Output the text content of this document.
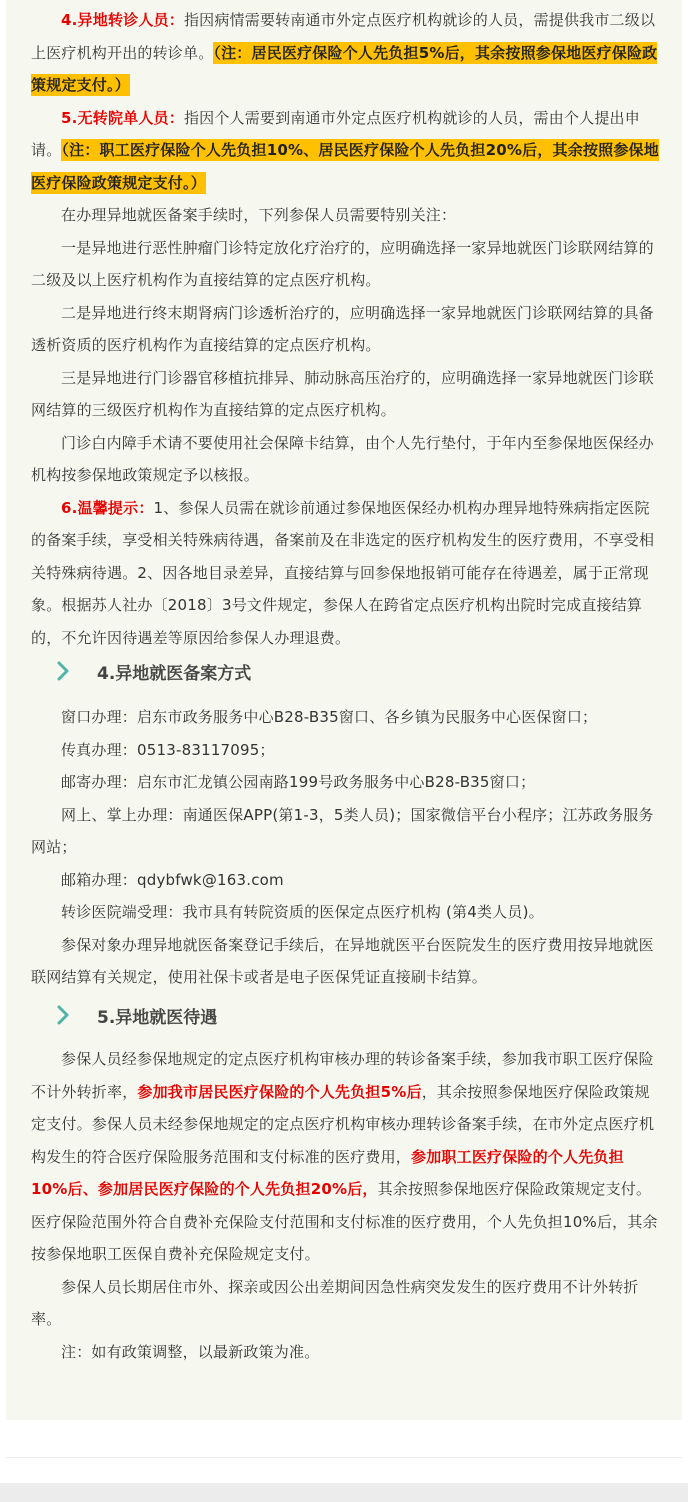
4.异地转诊人员：指因病情需要转南通市外定点医疗机构就诊的人员，需提供我市二级以上医疗机构开出的转诊单。（注：居民医疗保险个人先负担5%后，其余按照参保地医疗保险政策规定支付。）

5.无转院单人员：指因个人需要到南通市外定点医疗机构就诊的人员，需由个人提出申请。（注：职工医疗保险个人先负担10%、居民医疗保险个人先负担20%后，其余按照参保地医疗保险政策规定支付。）

在办理异地就医备案手续时，下列参保人员需要特别关注：

一是异地进行恶性肿瘤门诊特定放化疗治疗的，应明确选择一家异地就医门诊联网结算的二级及以上医疗机构作为直接结算的定点医疗机构。

二是异地进行终末期肾病门诊透析治疗的，应明确选择一家异地就医门诊联网结算的具备透析资质的医疗机构作为直接结算的定点医疗机构。

三是异地进行门诊器官移植抗排异、肺动脉高压治疗的，应明确选择一家异地就医门诊联网结算的三级医疗机构作为直接结算的定点医疗机构。

门诊白内障手术请不要使用社会保障卡结算，由个人先行垫付，于年内至参保地医保经办机构按参保地政策规定予以核报。

6.温馨提示：1、参保人员需在就诊前通过参保地医保经办机构办理异地特殊病指定医院的备案手续，享受相关特殊病待遇，备案前及在非选定的医疗机构发生的医疗费用，不享受相关特殊病待遇。2、因各地目录差异，直接结算与回参保地报销可能存在待遇差，属于正常现象。根据苏人社办〔2018〕3号文件规定，参保人在跨省定点医疗机构出院时完成直接结算的，不允许因待遇差等原因给参保人办理退费。

4.异地就医备案方式

窗口办理：启东市政务服务中心B28-B35窗口、各乡镇为民服务中心医保窗口；

传真办理：0513-83117095；

邮寄办理：启东市汇龙镇公园南路199号政务服务中心B28-B35窗口；

网上、掌上办理：南通医保APP(第1-3，5类人员)；国家微信平台小程序；江苏政务服务网站；

邮箱办理：qdybfwk@163.com

转诊医院端受理：我市具有转院资质的医保定点医疗机构 (第4类人员)。

参保对象办理异地就医备案登记手续后，在异地就医平台医院发生的医疗费用按异地就医联网结算有关规定，使用社保卡或者是电子医保凭证直接刷卡结算。

5.异地就医待遇

参保人员经参保地规定的定点医疗机构审核办理的转诊备案手续，参加我市职工医疗保险不计外转折率，参加我市居民医疗保险的个人先负担5%后，其余按照参保地医疗保险政策规定支付。参保人员未经参保地规定的定点医疗机构审核办理转诊备案手续，在市外定点医疗机构发生的符合医疗保险服务范围和支付标准的医疗费用，参加职工医疗保险的个人先负担10%后、参加居民医疗保险的个人先负担20%后，其余按照参保地医疗保险政策规定支付。医疗保险范围外符合自费补充保险支付范围和支付标准的医疗费用，个人先负担10%后，其余按参保地职工医保自费补充保险规定支付。

参保人员长期居住市外、探亲或因公出差期间因急性病突发发生的医疗费用不计外转折率。

注：如有政策调整，以最新政策为准。
